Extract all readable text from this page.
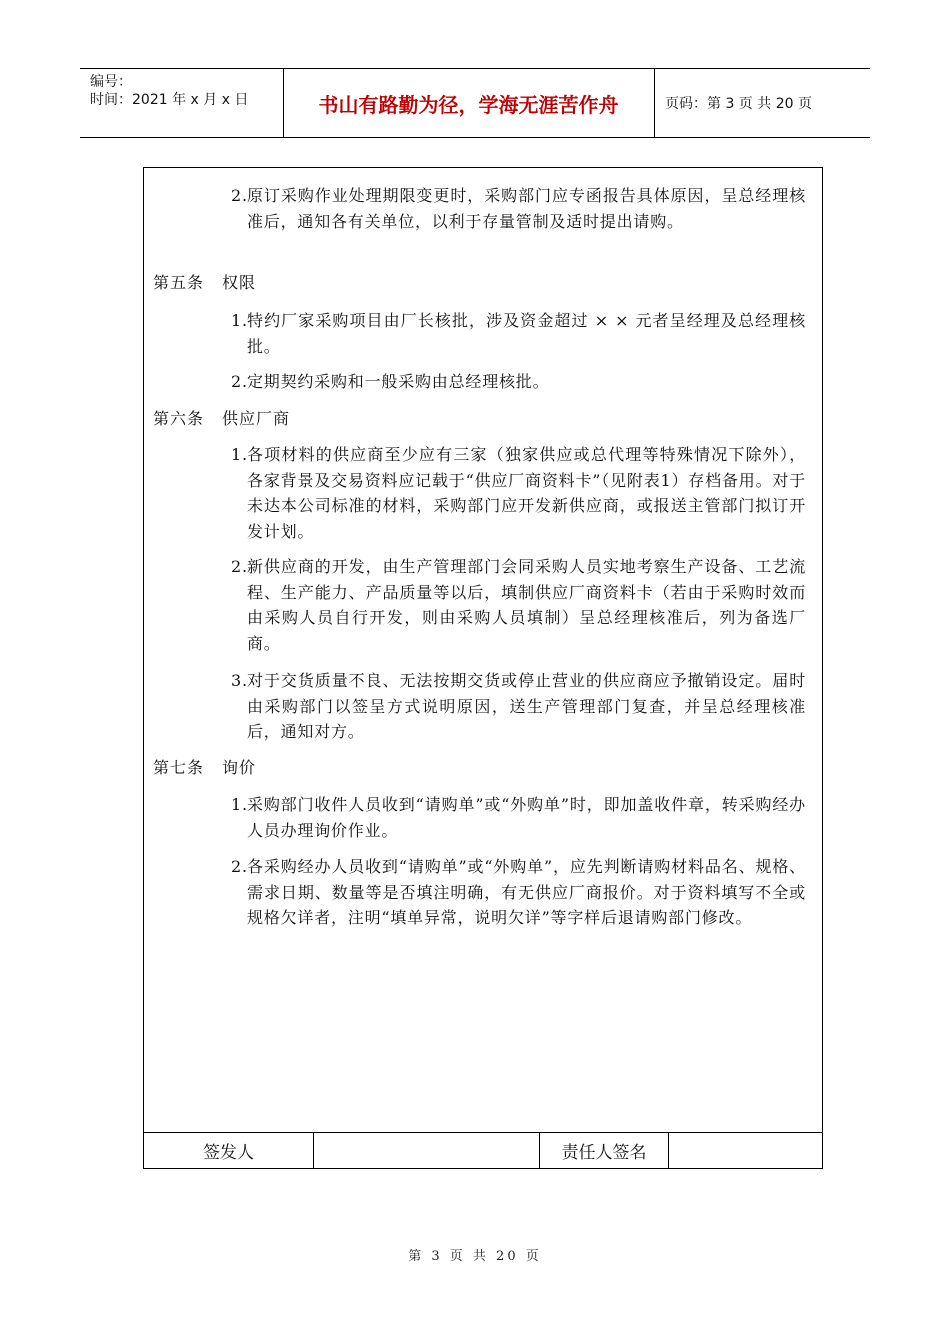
编号：
时间：2021 年 x 月 x 日	书山有路勤为径，学海无涯苦作舟	页码：第 3 页 共 20 页
2. 原订采购作业处理期限变更时，采购部门应专函报告具体原因，呈总经理核准后，通知各有关单位，以利于存量管制及适时提出请购。
第五条 权限
1. 特约厂家采购项目由厂长核批，涉及资金超过 × × 元者呈经理及总经理核批。
2. 定期契约采购和一般采购由总经理核批。
第六条 供应厂商
1. 各项材料的供应商至少应有三家（独家供应或总代理等特殊情况下除外），各家背景及交易资料应记载于“供应厂商资料卡”（见附表1）存档备用。对于未达本公司标准的材料，采购部门应开发新供应商，或报送主管部门拟订开发计划。
2. 新供应商的开发，由生产管理部门会同采购人员实地考察生产设备、工艺流程、生产能力、产品质量等以后，填制供应厂商资料卡（若由于采购时效而由采购人员自行开发，则由采购人员填制）呈总经理核准后，列为备选厂商。
3. 对于交货质量不良、无法按期交货或停止营业的供应商应予撤销设定。届时由采购部门以签呈方式说明原因，送生产管理部门复查，并呈总经理核准后，通知对方。
第七条 询价
1. 采购部门收件人员收到“请购单”或“外购单”时，即加盖收件章，转采购经办人员办理询价作业。
2. 各采购经办人员收到“请购单”或“外购单”，应先判断请购材料品名、规格、需求日期、数量等是否填注明确，有无供应厂商报价。对于资料填写不全或规格欠详者，注明“填单异常，说明欠详”等字样后退请购部门修改。
签发人	责任人签名
第 3 页 共 20 页
